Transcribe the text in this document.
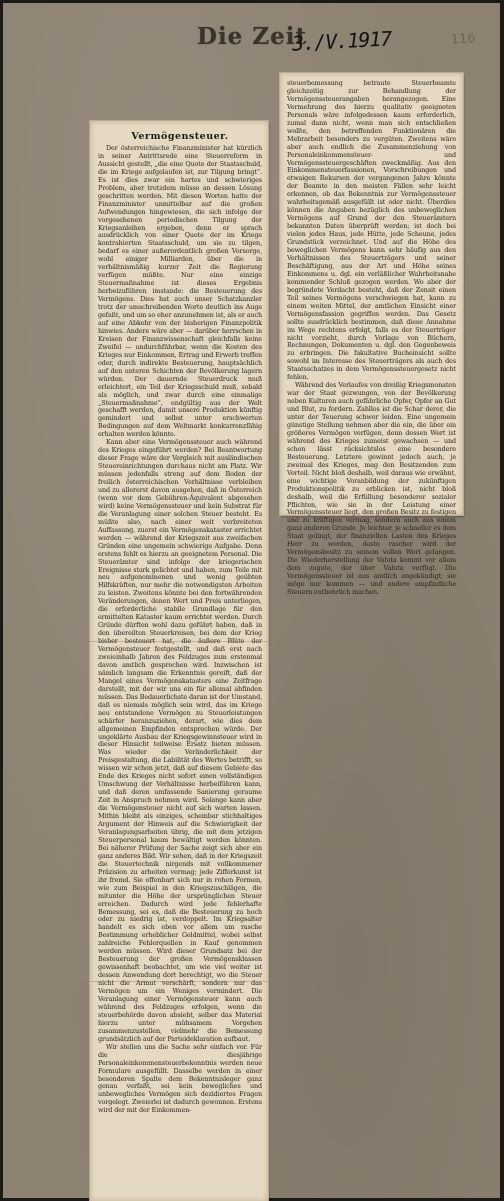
Die Zeit
3./V.1917	116
Vermögensteuer.

Der österreichische Finanzminister hat kürzlich in seiner Antrittsrede eine Steuerreform in Aussicht gestellt, „die eine Quote der Staatsschuld, die im Kriege aufgelaufen ist, zur Tilgung bringt“. Es ist dies zwar ein hartes und schwieriges Problem, aber trotzdem müsse an dessen Lösung geschritten werden. Mit diesen Worten hatte der Finanzminister unmittelbar auf die großen Aufwendungen hingewiesen, die sich infolge der vorgesehenen periodischen Tilgung der Kriegsanleihen ergeben, denn er sprach ausdrücklich von einer Quote der im Kriege kontrahierten Staatsschuld, um sie zu tilgen, bedarf es einer außerordentlich großen Vorsorge, wohl einiger Milliarden, über die in verhältnismäßig kurzer Zeit die Regierung verfügen müßte. Nur eine einzige Steuermaßnahme ist dieses Ergebnis herbeizuführen imstande: die Besteuerung des Vermögens. Dies hat auch unser Schatzkanzler trotz der umschreibenden Worte deutlich ins Auge gefaßt, und um so eher anzunehmen ist, als er auch auf eine Abkehr von der bisherigen Finanzpolitik hinwies. Andere wäre aber — darüber herrschen in Kreisen der Finanzwissenschaft gleichfalls keine Zweifel — undurchführbar, wenn die Kosten des Krieges nur Einkommen, Ertrag und Erwerb treffen oder, durch indirekte Besteuerung, hauptsächlich auf den unteren Schichten der Bevölkerung lagern würden. Der dauernde Steuerdruck muß erleichtert, ein Teil der Kriegsschuld muß, sobald als möglich, und zwar durch eine einmalige „Steuermaßnahme“, endgültig aus der Welt geschafft werden, damit unsere Produktion künftig gemindert und selbst unter erschwerten Bedingungen auf dem Weltmarkt konkurrenzfähig erhalten werden könnte.

Kann aber eine Vermögenssteuer auch während des Krieges eingeführt werden? Bei Beantwortung dieser Frage wäre der Vergleich mit ausländischen Steuereinrichtungen durchaus nicht am Platz. Wir müssen jedenfalls streng auf dem Boden der freilich österreichischen Verhältnisse verbleiben und zu allererst davon ausgehen, daß in Österreich (wenn vor dem Gebühren-Äquivalent abgesehen wird) keine Vermögenssteuer und kein Substrat für die Veranlagung einer solchen Steuer besteht. Es müßte also, nach einer weit verbreiteten Auffassung, zuerst ein Vermögenskataster errichtet werden — während der Kriegszeit aus zweifachen Gründen eine ungemein schwierige Aufgabe. Denn erstens fehlt es hierzu an geeignetem Personal. Die Steuerämter sind infolge der kriegerischen Ereignisse stark gelichtet und haben, zum Teile mit neu aufgenommenen und wenig geübten Hilfskräften, nur mehr die notwendigsten Arbeiten zu leisten. Zweitens könnte bei den fortwährenden Veränderungen, denen Wert und Preis unterliegen, die erforderliche stabile Grundlage für den ermittelten Kataster kaum errichtet werden. Durch Gründe dürften wohl dazu geführt haben, daß in den übereilten Steuerkreisen, bei dem der Krieg bisher besteuert hat, die äußere Blüte der Vermögensteuer festgestellt, und daß erst nach zweieinhalb Jahren des Feldzuges zum erstenmal davon amtlich gesprochen wird. Inzwischen ist nämlich langsam die Erkenntnis gereift, daß der Mangel eines Vermögenskatasters eine Zeitfrage darstellt, mit der wir uns ein für allemal abfinden müssen. Das Bedauerlichste daran ist der Umstand, daß es niemals möglich sein wird, das im Kriege neu entstandene Vermögen zu Steuerleistungen schärfer heranzuziehen, derart, wie dies dem allgemeinen Empfinden entsprechen würde. Der ungeklärte Ausbau der Kriegsgewinnsteuer wird in dieser Hinsicht teilweise Ersatz bieten müssen. Was wieder die Veränderlichkeit der Preisgestaltung, die Labilität des Wertes betrifft, so wissen wir schon jetzt, daß auf diesem Gebiete das Ende des Krieges nicht sofort einen vollständigen Umschwung der Verhältnisse herbeiführen kann, und daß deren umfassende Sanierung geraume Zeit in Anspruch nehmen wird. Solange kann aber die Vermögensteuer nicht auf sich warten lassen. Mithin bleibt als einziges, scheinbar stichhaltiges Argument der Hinweis auf die Schwierigkeit der Veranlagungsarbeiten übrig, die mit dem jetzigen Steuerpersonal kaum bewältigt werden könnten. Bei näherer Prüfung der Sache zeigt sich aber ein ganz anderes Bild. Wir sehen, daß in der Kriegszeit die Steuertechnik nirgends mit vollkommener Präzision zu arbeiten vermag; jede Zifferkunst ist ihr fremd. Sie offenbart sich nur in rohen Formen, wie zum Beispiel in den Kriegszuschlägen, die mitunter die Höhe der ursprünglichen Steuer erreichen. Dadurch wird jede fehlerhafte Bemessung, sei es, daß die Besteuerung zu hoch oder zu niedrig ist, verdoppelt. Im Kriegsalter handelt es sich eben vor allem um rasche Bestimmung erheblicher Geldmittel, wobei selbst zahlreiche Fehlerquellen in Kauf genommen werden müssen. Wird dieser Grundsatz bei der Besteuerung der großen Vermögensklassen gewissenhaft beobachtet, um wie viel weiter ist dessen Anwendung dort berechtigt, wo die Steuer nicht die Armut verschärft, sondern nur das Vermögen um ein Weniges vermindert. Die Veranlagung einer Vermögensteuer kann auch während des Feldzuges erfolgen, wenn die steuerbehörde davon absieht, selber das Material hierzu unter mühsamem Vorgehen zusammenzustellen, vielmehr die Bemessung grundsätzlich auf der Parteideklaration aufbaut.

Wir stellen uns die Sache sehr einfach vor. Für die diesjährige Personaleinkommensteuerbekenntnis werden neue Formulare ausgefüllt. Dasselbe werden in einer besonderen Spalte dem Bekenntnisleger ganz genau verfaßt, sei kein bewegliches und unbewegliches Vermögen sich dezidiertes Fragen vorgelegt. Zweierlei ist dadurch gewonnen. Erstens wird der mit der Einkommen-

steuerbemessung betraute Steuerbeamte gleichzeitig zur Behandlung der Vermögenssteuerangaben herangezogen. Eine Vermehrung des hierzu qualitativ geeigneten Personals wäre infolgedessen kaum erforderlich, zumal dann nicht, wenn man sich entschließen wollte, den betreffenden Funktionären die Mehrarbeit besonders zu vergüten. Zweitens wäre aber auch endlich die Zusammenziehung von Personaleinkommensteuer- und Vermögenssteuergeschäften zweckmäßig. Aus den Einkommensteuerfassionen, Vorschreibungen und etwaigen Rekursen der vergangenen Jahre könnte der Beamte in den meisten Fällen sehr leicht erkennen, ob das Bekenntnis zur Vermögenssteuer wahrheitsgemäß ausgefüllt ist oder nicht. Überdies können die Angaben bezüglich des unbeweglichen Vermögens auf Grund der den Steuerämtern bekannten Daten überprüft werden; ist doch bei vielen jedes Haus, jede Hütte, jede Scheune, jedes Grundstück verzeichnet. Und auf die Höhe des beweglichen Vermögens kann sehr häufig aus den Verhältnissen des Steuerträgers und seiner Beschäftigung, aus der Art und Höhe seines Einkommens u. dgl. ein verläßlicher Wahrheitsnahe kommender Schluß gezogen werden. Wo aber der begründete Verdacht besteht, daß der Zensit einen Teil seines Vermögens verschwiegen hat, kann zu einem weiten Mittel, der amtlichen Einsicht einer Vermögensfassion gegriffen werden. Das Gesetz sollte ausdrücklich bestimmen, daß diese Annahme im Wege rechtens erfolgt, falls es der Steuerträger nicht vorzieht, durch Vorlage von Büchern, Rechnungen, Dokumenten u. dgl. den Gegenbeweis zu erbringen. Die fakultative Bucheinsicht sollte sowohl im Interesse des Steuerträgers als auch des Staatsschatzes in dem Vermögenssteuergesetz nicht fehlen.

Während des Verlaufes von dreißig Kriegsmonaten war der Staat gezwungen, von der Bevölkerung neben Kulturen auch gefährliche Opfer, Opfer an Gut und Blut, zu fordern. Zahllos ist die Schar derer, die unter der Teuerung schwer leiden. Eine ungemein günstige Stellung nehmen aber die ein, die über ein größeres Vermögen verfügen, denn dessen Wert ist während des Krieges zumeist gewachsen — und schon lässt rücksichtslos eine besondere Besteuerung. Letztere gewinnt jedoch auch, je zweimal des Krieges, mag den Besitzenden zum Vorteil. Nicht bloß deshalb, weil daraus wie erwähnt, eine wichtige Voranbildung der zukünftigen Produktionspolitik zu erblicken ist, nicht bloß deshalb, weil die Erfüllung besonderer sozialer Pflichten, wie sie in der Leistung einer Vermögenssteuer liegt, den großen Besitz zu festigen und zu kräftigen vermag, sondern auch aus einem ganz anderen Grunde. Je leichter, je schneller es dem Staat gelingt, der finanziellen Lasten des Krieges Herr zu werden, desto rascher wird der Vermögensbesitz zu seinem vollen Wert gelangen. Die Wiederherstellung der Valuta kommt vor allem dem zugute, der über Valuta verfügt. Die Vermögenssteuer ist aus amtlich angekündigt; sie möge nur kommen — und andere empfindliche Steuern entbehrlich machen.
